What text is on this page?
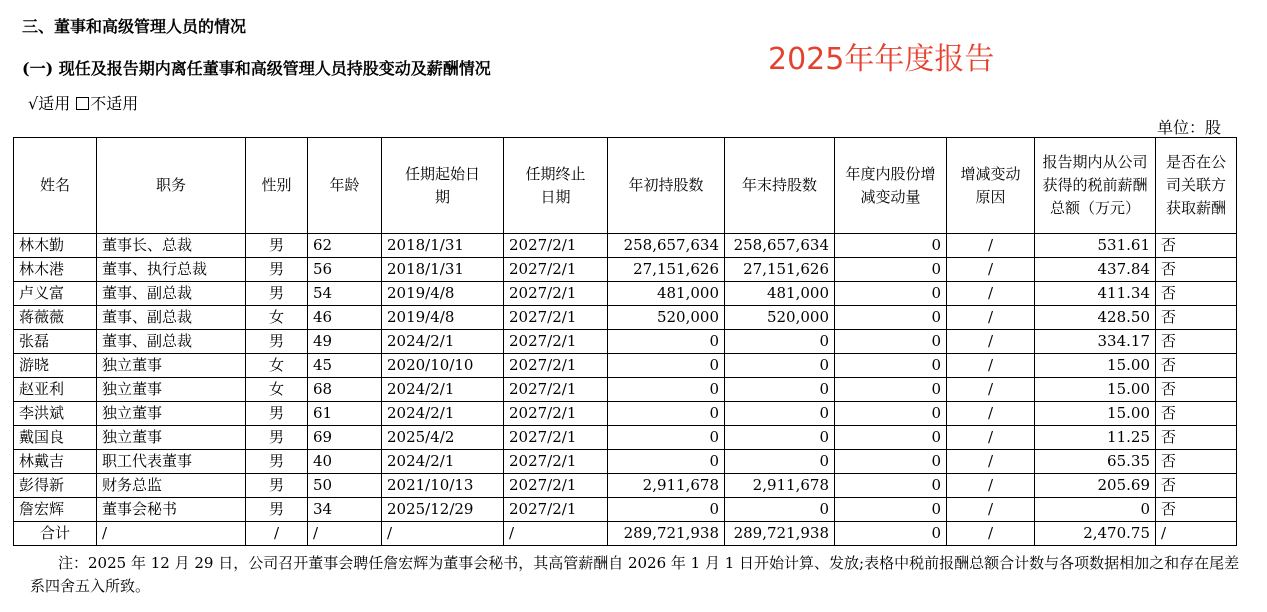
三、董事和高级管理人员的情况
(一) 现任及报告期内离任董事和高级管理人员持股变动及薪酬情况	2025年年度报告
√适用 不适用
单位：股
姓名	职务	性别	年龄	任期起始日期	任期终止日期	年初持股数	年末持股数	年度内股份增减变动量	增减变动原因	报告期内从公司获得的税前薪酬总额（万元）	是否在公司关联方获取薪酬
林木勤	董事长、总裁	男	62	2018/1/31	2027/2/1	258,657,634	258,657,634	0	/	531.61	否
林木港	董事、执行总裁	男	56	2018/1/31	2027/2/1	27,151,626	27,151,626	0	/	437.84	否
卢义富	董事、副总裁	男	54	2019/4/8	2027/2/1	481,000	481,000	0	/	411.34	否
蒋薇薇	董事、副总裁	女	46	2019/4/8	2027/2/1	520,000	520,000	0	/	428.50	否
张磊	董事、副总裁	男	49	2024/2/1	2027/2/1	0	0	0	/	334.17	否
游晓	独立董事	女	45	2020/10/10	2027/2/1	0	0	0	/	15.00	否
赵亚利	独立董事	女	68	2024/2/1	2027/2/1	0	0	0	/	15.00	否
李洪斌	独立董事	男	61	2024/2/1	2027/2/1	0	0	0	/	15.00	否
戴国良	独立董事	男	69	2025/4/2	2027/2/1	0	0	0	/	11.25	否
林戴吉	职工代表董事	男	40	2024/2/1	2027/2/1	0	0	0	/	65.35	否
彭得新	财务总监	男	50	2021/10/13	2027/2/1	2,911,678	2,911,678	0	/	205.69	否
詹宏辉	董事会秘书	男	34	2025/12/29	2027/2/1	0	0	0	/	0	否
合计	/	/	/	/	/	289,721,938	289,721,938	0	/	2,470.75	/
注：2025 年 12 月 29 日，公司召开董事会聘任詹宏辉为董事会秘书，其高管薪酬自 2026 年 1 月 1 日开始计算、发放;表格中税前报酬总额合计数与各项数据相加之和存在尾差系四舍五入所致。
